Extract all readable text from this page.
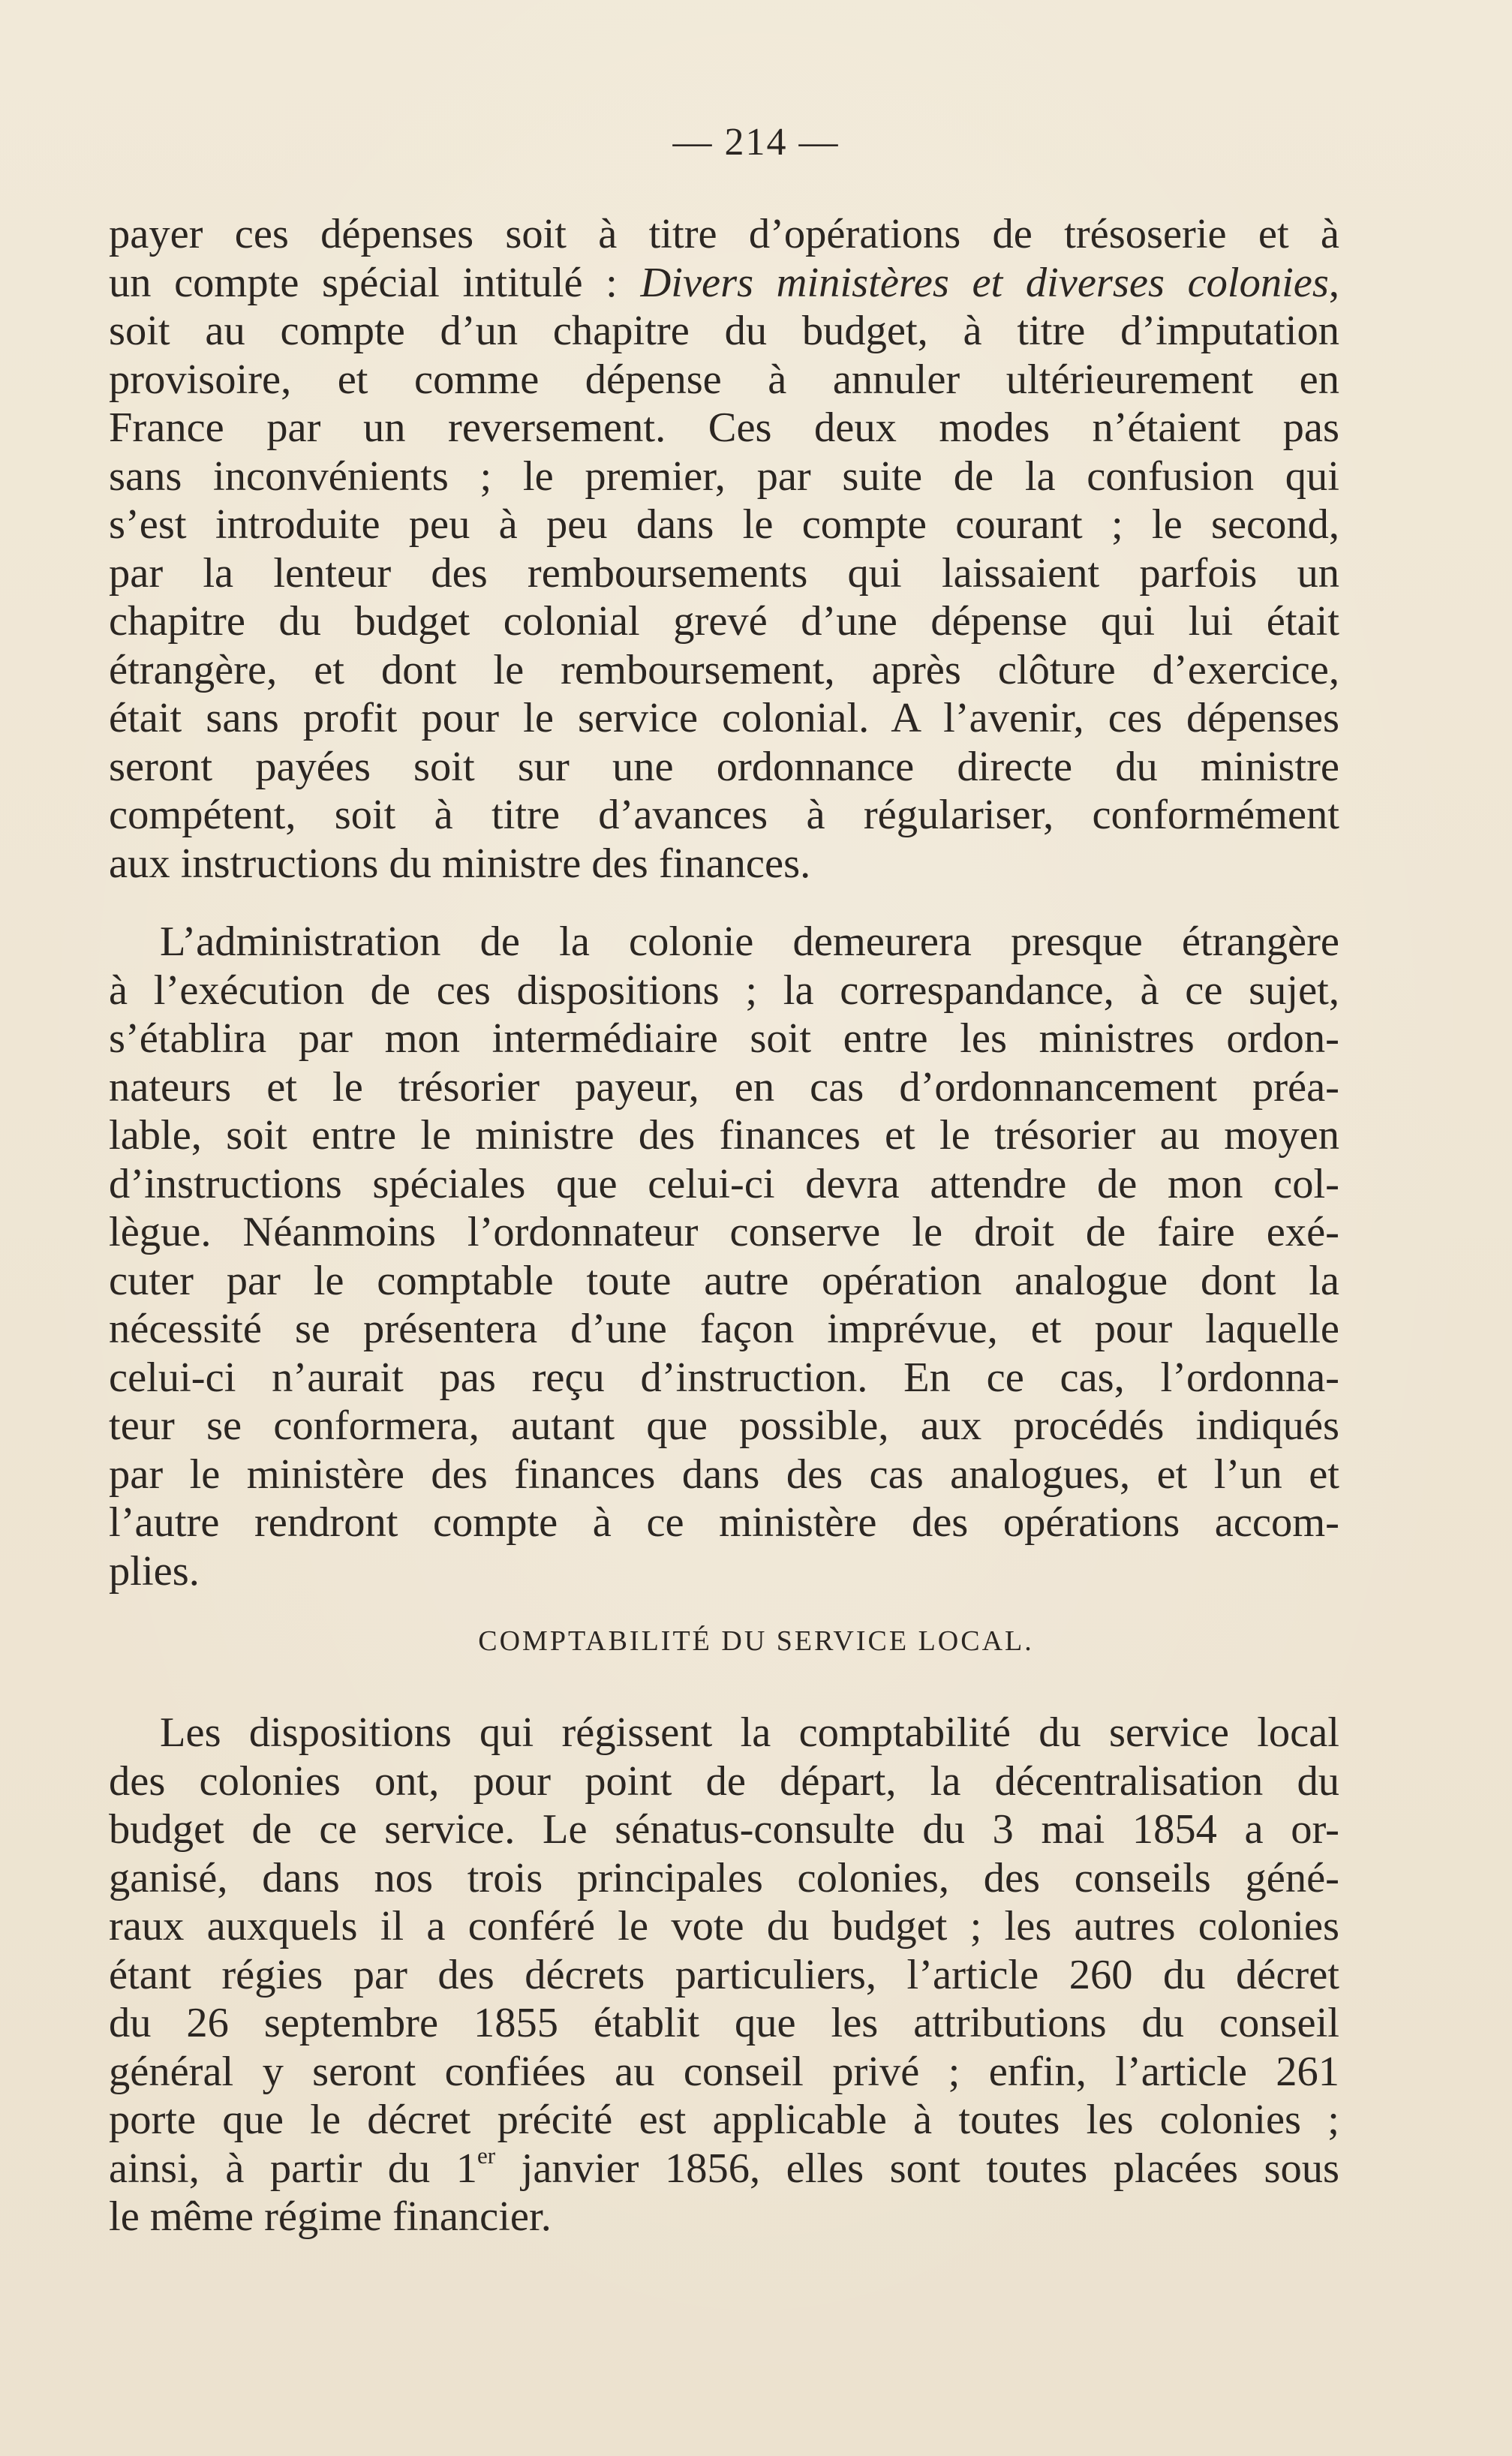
— 214 —
payer ces dépenses soit à titre d’opérations de trésoserie et à
un compte spécial intitulé : Divers ministères et diverses colonies,
soit au compte d’un chapitre du budget, à titre d’imputation
provisoire, et comme dépense à annuler ultérieurement en
France par un reversement. Ces deux modes n’étaient pas
sans inconvénients ; le premier, par suite de la confusion qui
s’est introduite peu à peu dans le compte courant ; le second,
par la lenteur des remboursements qui laissaient parfois un
chapitre du budget colonial grevé d’une dépense qui lui était
étrangère, et dont le remboursement, après clôture d’exercice,
était sans profit pour le service colonial. A l’avenir, ces dépenses
seront payées soit sur une ordonnance directe du ministre
compétent, soit à titre d’avances à régulariser, conformément
aux instructions du ministre des finances.
L’administration de la colonie demeurera presque étrangère
à l’exécution de ces dispositions ; la correspandance, à ce sujet,
s’établira par mon intermédiaire soit entre les ministres ordon-
nateurs et le trésorier payeur, en cas d’ordonnancement préa-
lable, soit entre le ministre des finances et le trésorier au moyen
d’instructions spéciales que celui-ci devra attendre de mon col-
lègue. Néanmoins l’ordonnateur conserve le droit de faire exé-
cuter par le comptable toute autre opération analogue dont la
nécessité se présentera d’une façon imprévue, et pour laquelle
celui-ci n’aurait pas reçu d’instruction. En ce cas, l’ordonna-
teur se conformera, autant que possible, aux procédés indiqués
par le ministère des finances dans des cas analogues, et l’un et
l’autre rendront compte à ce ministère des opérations accom-
plies.
COMPTABILITÉ DU SERVICE LOCAL.
Les dispositions qui régissent la comptabilité du service local
des colonies ont, pour point de départ, la décentralisation du
budget de ce service. Le sénatus-consulte du 3 mai 1854 a or-
ganisé, dans nos trois principales colonies, des conseils géné-
raux auxquels il a conféré le vote du budget ; les autres colonies
étant régies par des décrets particuliers, l’article 260 du décret
du 26 septembre 1855 établit que les attributions du conseil
général y seront confiées au conseil privé ; enfin, l’article 261
porte que le décret précité est applicable à toutes les colonies ;
ainsi, à partir du 1er janvier 1856, elles sont toutes placées sous
le même régime financier.
